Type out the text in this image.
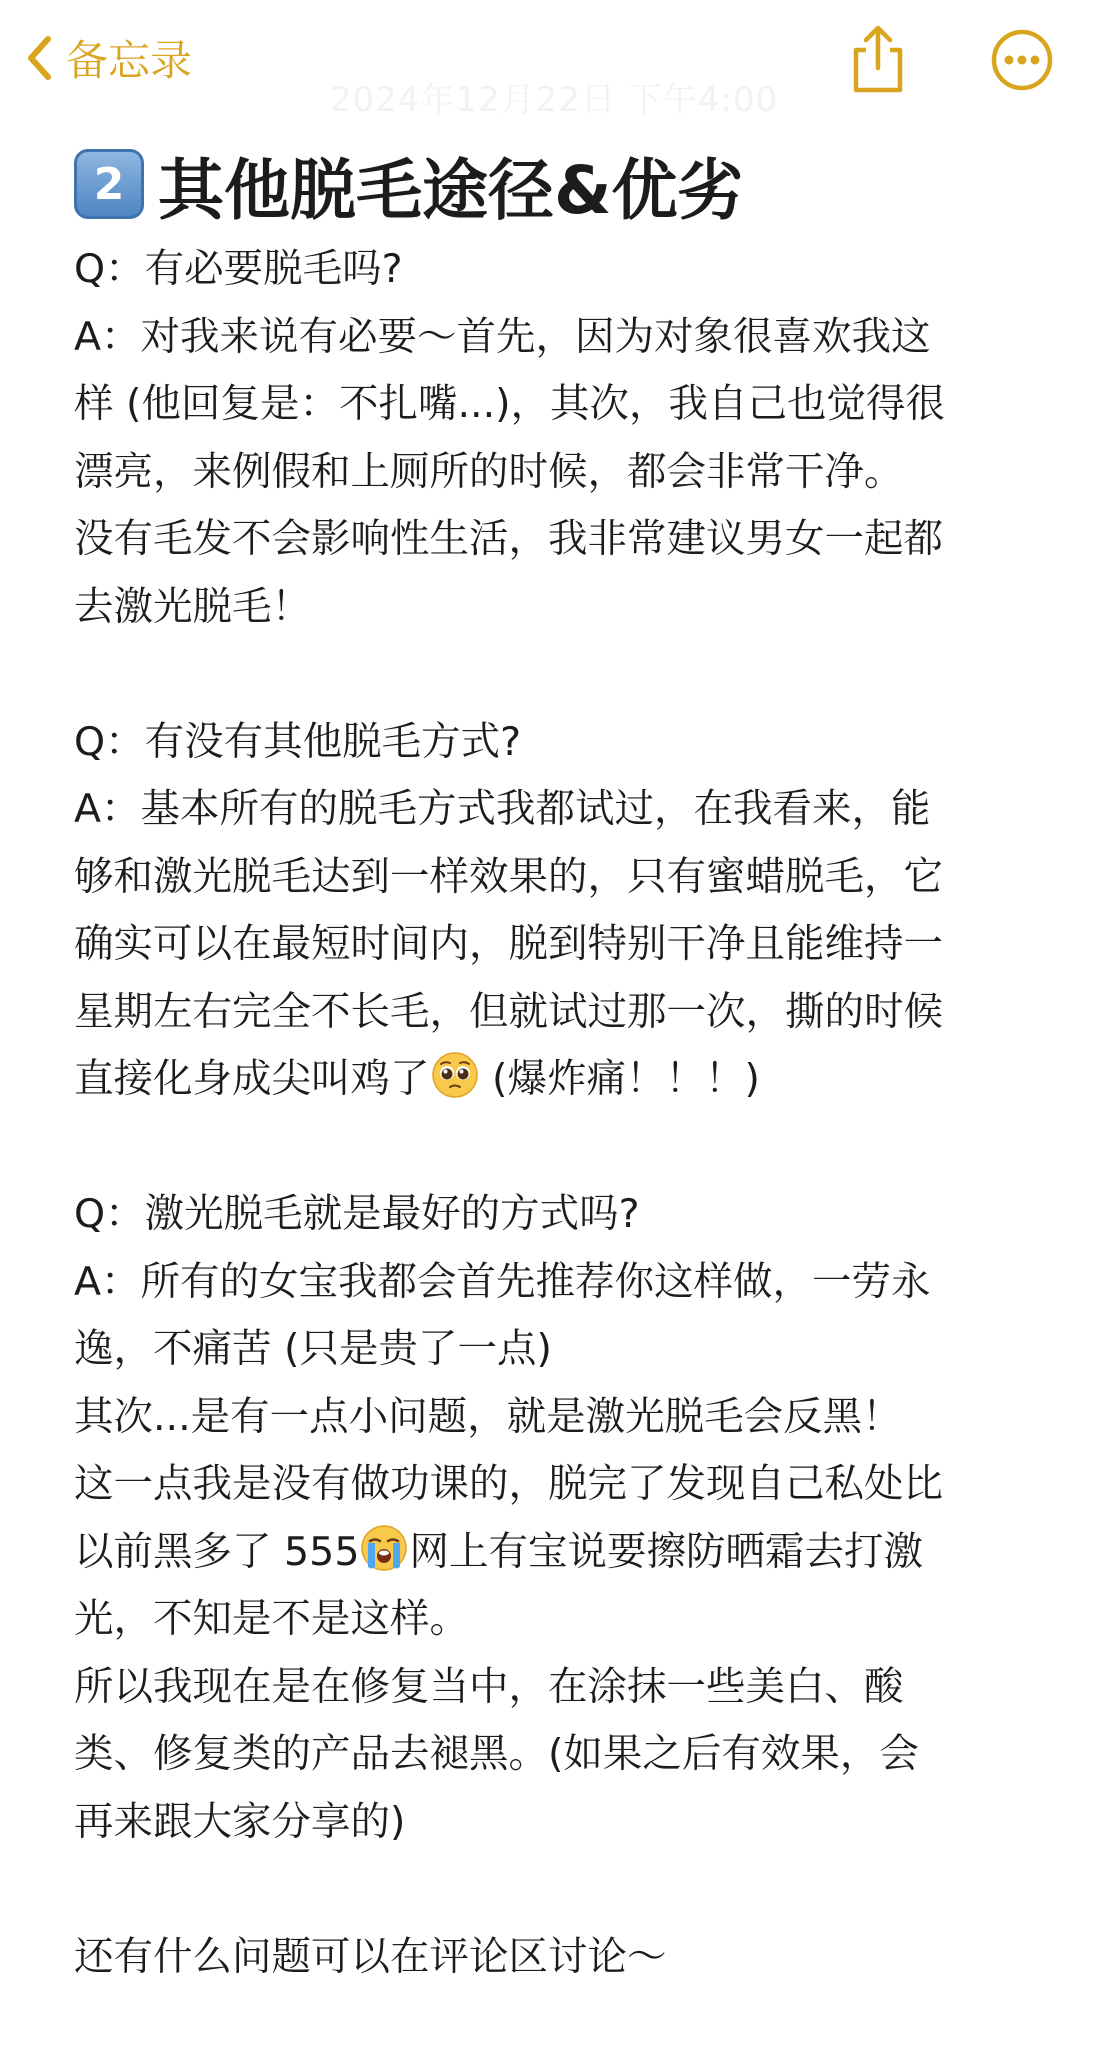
备忘录
2024年12月22日 下午4:00
2 其他脱毛途径&优劣
Q：有必要脱毛吗?
A：对我来说有必要～首先，因为对象很喜欢我这
样 (他回复是：不扎嘴...)，其次，我自己也觉得很
漂亮，来例假和上厕所的时候，都会非常干净。
没有毛发不会影响性生活，我非常建议男女一起都
去激光脱毛！

Q：有没有其他脱毛方式?
A：基本所有的脱毛方式我都试过，在我看来，能
够和激光脱毛达到一样效果的，只有蜜蜡脱毛，它
确实可以在最短时间内，脱到特别干净且能维持一
星期左右完全不长毛，但就试过那一次，撕的时候
直接化身成尖叫鸡了 (爆炸痛！！！)

Q：激光脱毛就是最好的方式吗?
A：所有的女宝我都会首先推荐你这样做，一劳永
逸，不痛苦 (只是贵了一点)
其次...是有一点小问题，就是激光脱毛会反黑！
这一点我是没有做功课的，脱完了发现自己私处比
以前黑多了 555 网上有宝说要擦防晒霜去打激
光，不知是不是这样。
所以我现在是在修复当中，在涂抹一些美白、酸
类、修复类的产品去褪黑。(如果之后有效果，会
再来跟大家分享的)

还有什么问题可以在评论区讨论～
